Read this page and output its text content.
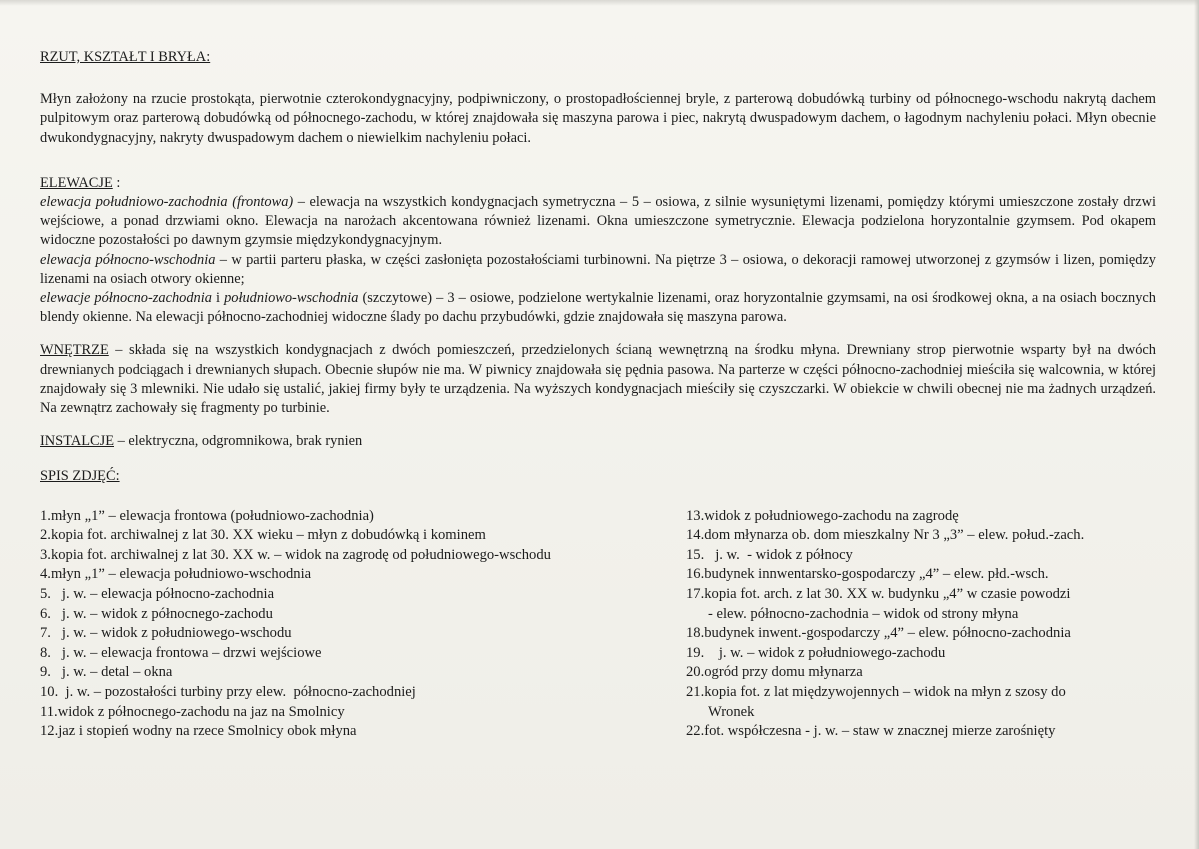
RZUT, KSZTAŁT I BRYŁA:

Młyn założony na rzucie prostokąta, pierwotnie czterokondygnacyjny, podpiwniczony, o prostopadłościennej bryle, z parterową dobudówką turbiny od północnego-wschodu nakrytą dachem pulpitowym oraz parterową dobudówką od północnego-zachodu, w której znajdowała się maszyna parowa i piec, nakrytą dwuspadowym dachem, o łagodnym nachyleniu połaci. Młyn obecnie dwukondygnacyjny, nakryty dwuspadowym dachem o niewielkim nachyleniu połaci.

ELEWACJE :

elewacja południowo-zachodnia (frontowa) – elewacja na wszystkich kondygnacjach symetryczna – 5 – osiowa, z silnie wysuniętymi lizenami, pomiędzy którymi umieszczone zostały drzwi wejściowe, a ponad drzwiami okno. Elewacja na narożach akcentowana również lizenami. Okna umieszczone symetrycznie. Elewacja podzielona horyzontalnie gzymsem. Pod okapem widoczne pozostałości po dawnym gzymsie międzykondygnacyjnym.

elewacja północno-wschodnia – w partii parteru płaska, w części zasłonięta pozostałościami turbinowni. Na piętrze 3 – osiowa, o dekoracji ramowej utworzonej z gzymsów i lizen, pomiędzy lizenami na osiach otwory okienne;

elewacje północno-zachodnia i południowo-wschodnia (szczytowe) – 3 – osiowe, podzielone wertykalnie lizenami, oraz horyzontalnie gzymsami, na osi środkowej okna, a na osiach bocznych blendy okienne. Na elewacji północno-zachodniej widoczne ślady po dachu przybudówki, gdzie znajdowała się maszyna parowa.

WNĘTRZE – składa się na wszystkich kondygnacjach z dwóch pomieszczeń, przedzielonych ścianą wewnętrzną na środku młyna. Drewniany strop pierwotnie wsparty był na dwóch drewnianych podciągach i drewnianych słupach. Obecnie słupów nie ma. W piwnicy znajdowała się pędnia pasowa. Na parterze w części północno-zachodniej mieściła się walcownia, w której znajdowały się 3 mlewniki. Nie udało się ustalić, jakiej firmy były te urządzenia. Na wyższych kondygnacjach mieściły się czyszczarki. W obiekcie w chwili obecnej nie ma żadnych urządzeń. Na zewnątrz zachowały się fragmenty po turbinie.

INSTALCJE – elektryczna, odgromnikowa, brak rynien

SPIS ZDJĘĆ:

1.młyn „1” – elewacja frontowa (południowo-zachodnia)
2.kopia fot. archiwalnej z lat 30. XX wieku – młyn z dobudówką i kominem
3.kopia fot. archiwalnej z lat 30. XX w. – widok na zagrodę od południowego-wschodu
4.młyn „1” – elewacja południowo-wschodnia
5.   j. w. – elewacja północno-zachodnia
6.   j. w. – widok z północnego-zachodu
7.   j. w. – widok z południowego-wschodu
8.   j. w. – elewacja frontowa – drzwi wejściowe
9.   j. w. – detal – okna
10.  j. w. – pozostałości turbiny przy elew.  północno-zachodniej
11.widok z północnego-zachodu na jaz na Smolnicy
12.jaz i stopień wodny na rzece Smolnicy obok młyna
13.widok z południowego-zachodu na zagrodę
14.dom młynarza ob. dom mieszkalny Nr 3 „3” – elew. połud.-zach.
15.   j. w.  - widok z północy
16.budynek innwentarsko-gospodarczy „4” – elew. płd.-wsch.
17.kopia fot. arch. z lat 30. XX w. budynku „4” w czasie powodzi
- elew. północno-zachodnia – widok od strony młyna
18.budynek inwent.-gospodarczy „4” – elew. północno-zachodnia
19.    j. w. – widok z południowego-zachodu
20.ogród przy domu młynarza
21.kopia fot. z lat międzywojennych – widok na młyn z szosy do
Wronek
22.fot. współczesna - j. w. – staw w znacznej mierze zarośnięty
